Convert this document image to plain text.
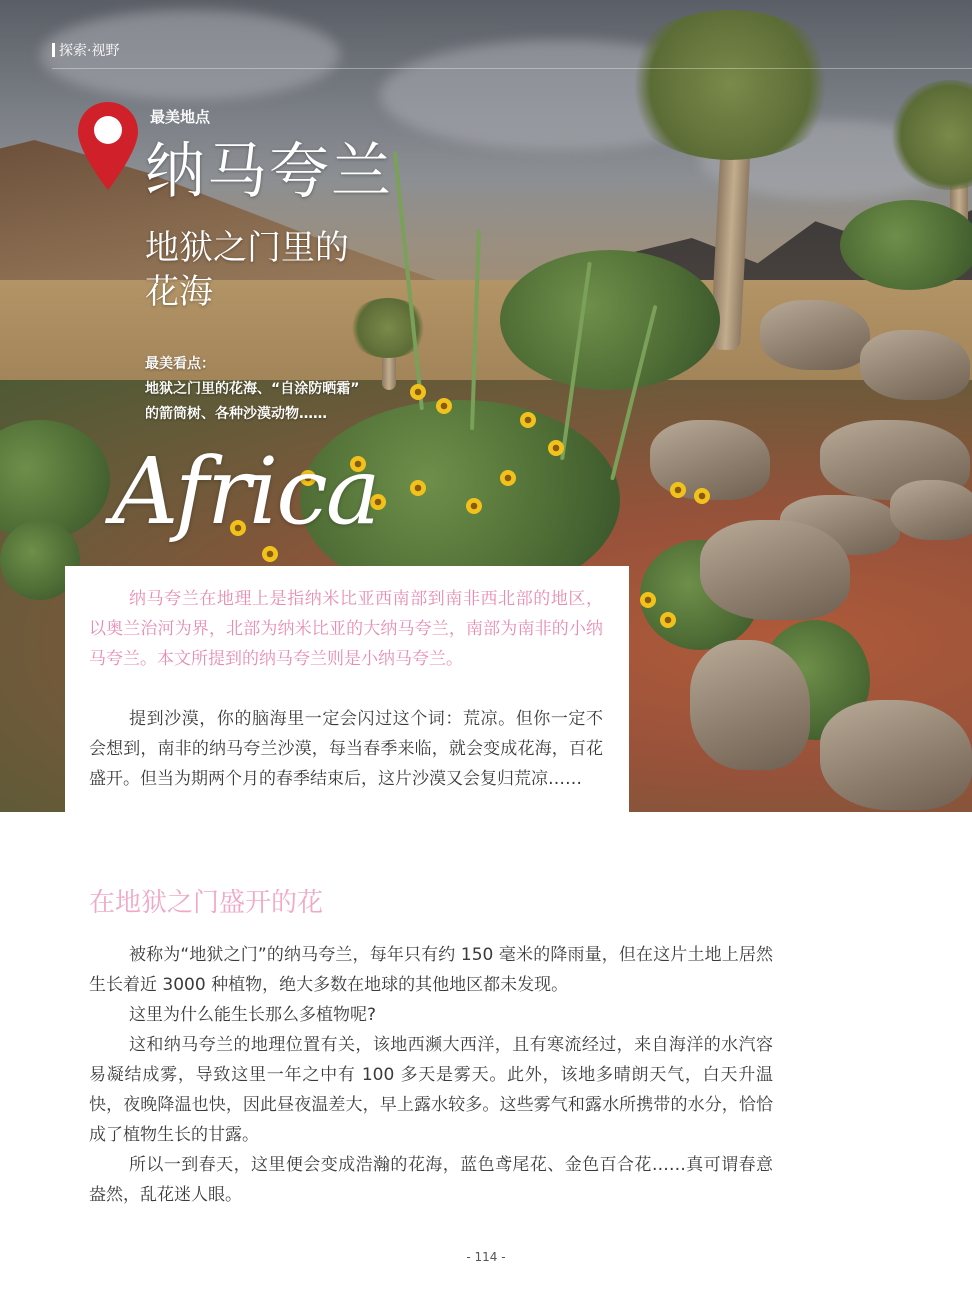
探索·视野
最美地点
纳马夸兰
地狱之门里的
花海
最美看点：
地狱之门里的花海、“自涂防晒霜”
的箭筒树、各种沙漠动物……
Africa

纳马夸兰在地理上是指纳米比亚西南部到南非西北部的地区，以奥兰治河为界，北部为纳米比亚的大纳马夸兰，南部为南非的小纳马夸兰。本文所提到的纳马夸兰则是小纳马夸兰。

提到沙漠，你的脑海里一定会闪过这个词：荒凉。但你一定不会想到，南非的纳马夸兰沙漠，每当春季来临，就会变成花海，百花盛开。但当为期两个月的春季结束后，这片沙漠又会复归荒凉……

在地狱之门盛开的花

被称为“地狱之门”的纳马夸兰，每年只有约 150 毫米的降雨量，但在这片土地上居然生长着近 3000 种植物，绝大多数在地球的其他地区都未发现。

这里为什么能生长那么多植物呢?

这和纳马夸兰的地理位置有关，该地西濒大西洋，且有寒流经过，来自海洋的水汽容易凝结成雾，导致这里一年之中有 100 多天是雾天。此外，该地多晴朗天气，白天升温快，夜晚降温也快，因此昼夜温差大，早上露水较多。这些雾气和露水所携带的水分，恰恰成了植物生长的甘露。

所以一到春天，这里便会变成浩瀚的花海，蓝色鸢尾花、金色百合花……真可谓春意盎然，乱花迷人眼。

- 114 -
